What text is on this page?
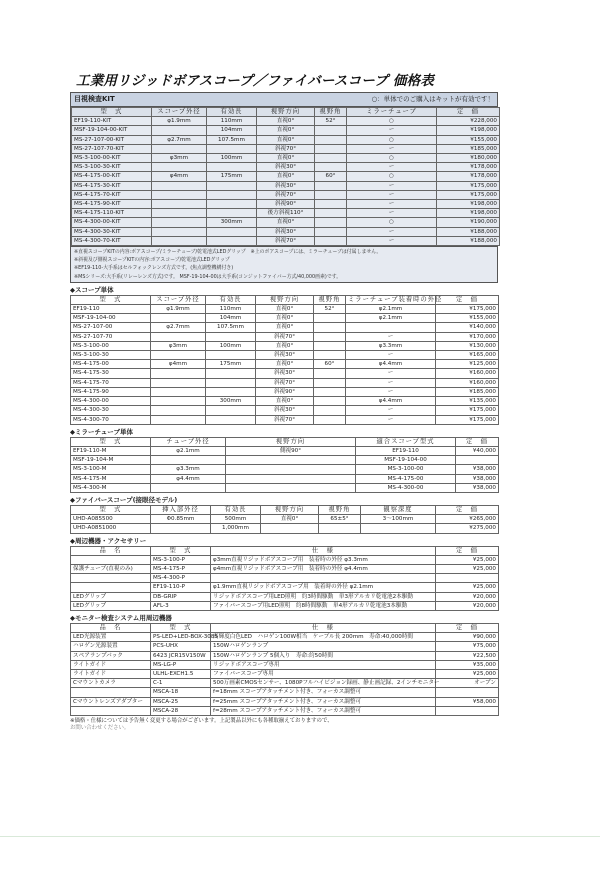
工業用リジッドボアスコープ／ファイバースコープ 価格表
目視検査KIT	○：単体でのご購入はキットが有効です！
型　式	スコープ外径	有効長	視野方向	視野角	ミラーチューブ	定　価
EF19-110-KIT	φ1.9mm	110mm	直視0°	52°	○	¥228,000
MSF-19-104-00-KIT		104mm	直視0°		ー	¥198,000
MS-27-107-00-KIT	φ2.7mm	107.5mm	直視0°		○	¥155,000
MS-27-107-70-KIT			斜視70°		ー	¥185,000
MS-3-100-00-KIT	φ3mm	100mm	直視0°		○	¥180,000
MS-3-100-30-KIT			斜視30°		ー	¥178,000
MS-4-175-00-KIT	φ4mm	175mm	直視0°	60°	○	¥178,000
MS-4-175-30-KIT			斜視30°		ー	¥175,000
MS-4-175-70-KIT			斜視70°		ー	¥175,000
MS-4-175-90-KIT			斜視90°		ー	¥198,000
MS-4-175-110-KIT			後方斜視110°		ー	¥198,000
MS-4-300-00-KIT		300mm	直視0°		○	¥190,000
MS-4-300-30-KIT			斜視30°		ー	¥188,000
MS-4-300-70-KIT			斜視70°		ー	¥188,000
※直視スコープKITの内容:ボアスコープ/ミラーチューブ/乾電池式LEDグリップ　※上のボアスコープには、ミラーチューブは付属しません。
※斜視及び側視スコープKITの内容:ボアスコープ/乾電池式LEDグリップ
※EF19-110-大手系はセルフォックレンズ方式です。(焦点調整機構付き)
※MSシリーズ:大手系(リレーレンズ方式)です。 MSF-19-104-00は大手系(コンジットファイバー方式/40,000画素)です。
◆スコープ単体
型　式	スコープ外径	有効長	視野方向	視野角	ミラーチューブ装着時の外径	定　価
EF19-110	φ1.9mm	110mm	直視0°	52°	φ2.1mm	¥175,000
MSF-19-104-00		104mm	直視0°		φ2.1mm	¥155,000
MS-27-107-00	φ2.7mm	107.5mm	直視0°			¥140,000
MS-27-107-70			斜視70°		ー	¥170,000
MS-3-100-00	φ3mm	100mm	直視0°		φ3.3mm	¥130,000
MS-3-100-30			斜視30°		ー	¥165,000
MS-4-175-00	φ4mm	175mm	直視0°	60°	φ4.4mm	¥125,000
MS-4-175-30			斜視30°		ー	¥160,000
MS-4-175-70			斜視70°		ー	¥160,000
MS-4-175-90			斜視90°		ー	¥185,000
MS-4-300-00		300mm	直視0°		φ4.4mm	¥135,000
MS-4-300-30			斜視30°		ー	¥175,000
MS-4-300-70			斜視70°		ー	¥175,000
◆ミラーチューブ単体
型　式	チューブ外径	視野方向	適合スコープ型式	定　価
EF19-110-M	φ2.1mm	側視90°	EF19-110	¥40,000
MSF-19-104-M			MSF-19-104-00	
MS-3-100-M	φ3.3mm		MS-3-100-00	¥38,000
MS-4-175-M	φ4.4mm		MS-4-175-00	¥38,000
MS-4-300-M			MS-4-300-00	¥38,000
◆ファイバースコープ(接眼径モデル)
型　式	挿入部外径	有効長	視野方向	視野角	観察深度	定　価
UHD-A085500	Φ0.85mm	500mm	直視0°	65±5°	3～100mm	¥265,000
UHD-A0851000		1,000mm				¥275,000
◆周辺機器・アクセサリー
品　名	型　式	仕　様	定　価
	MS-3-100-P	φ3mm直視リジッドボアスコープ用　装着時の外径 φ3.3mm	¥25,000
保護チューブ(直視のみ)	MS-4-175-P	φ4mm直視リジッドボアスコープ用　装着時の外径 φ4.4mm	¥25,000
	MS-4-300-P		
	EF19-110-P	φ1.9mm直視リジッドボアスコープ用　装着時の外径 φ2.1mm	¥25,000
LEDグリップ	DB-GRIP	リジッドボアスコープ用LED照明　約3時間駆動　単3形アルカリ乾電池2本駆動	¥20,000
LEDグリップ	AFL-3	ファイバースコープ用LED照明　約8時間駆動　単4形アルカリ乾電池3本駆動	¥20,000
◆モニター検査システム用周辺機器
品　名	型　式	仕　様	定　価
LED光源装置	PS-LED+LED-BOX-3085	高輝度白色LED　ハロゲン100W相当　ケーブル長 200mm　寿命:40,000時間	¥90,000
ハロゲン光源装置	PCS-UHX	150Wハロゲンランプ	¥75,000
スペアランプパック	6423 JCR15V150W	150Wハロゲンランプ 5個入り　寿命:約50時間	¥22,500
ライトガイド	MS-LG-P	リジッドボアスコープ専用	¥35,000
ライトガイド	ULHL-EXCH1.5	ファイバースコープ専用	¥25,000
Cマウントカメラ	C-1	500万画素CMOSセンサー、1080Pフルハイビジョン録画、静止画記録、2インチモニター	オープン
	MSCA-18	f=18mm スコープアタッチメント付き、フォーカス調整可	
Cマウントレンズアダプター	MSCA-25	f=25mm スコープアタッチメント付き、フォーカス調整可	¥58,000
	MSCA-28	f=28mm スコープアタッチメント付き、フォーカス調整可	
※価格・仕様については予告無く変更する場合がございます。上記製品以外にも各種取揃えておりますので、
お問い合わせください。
